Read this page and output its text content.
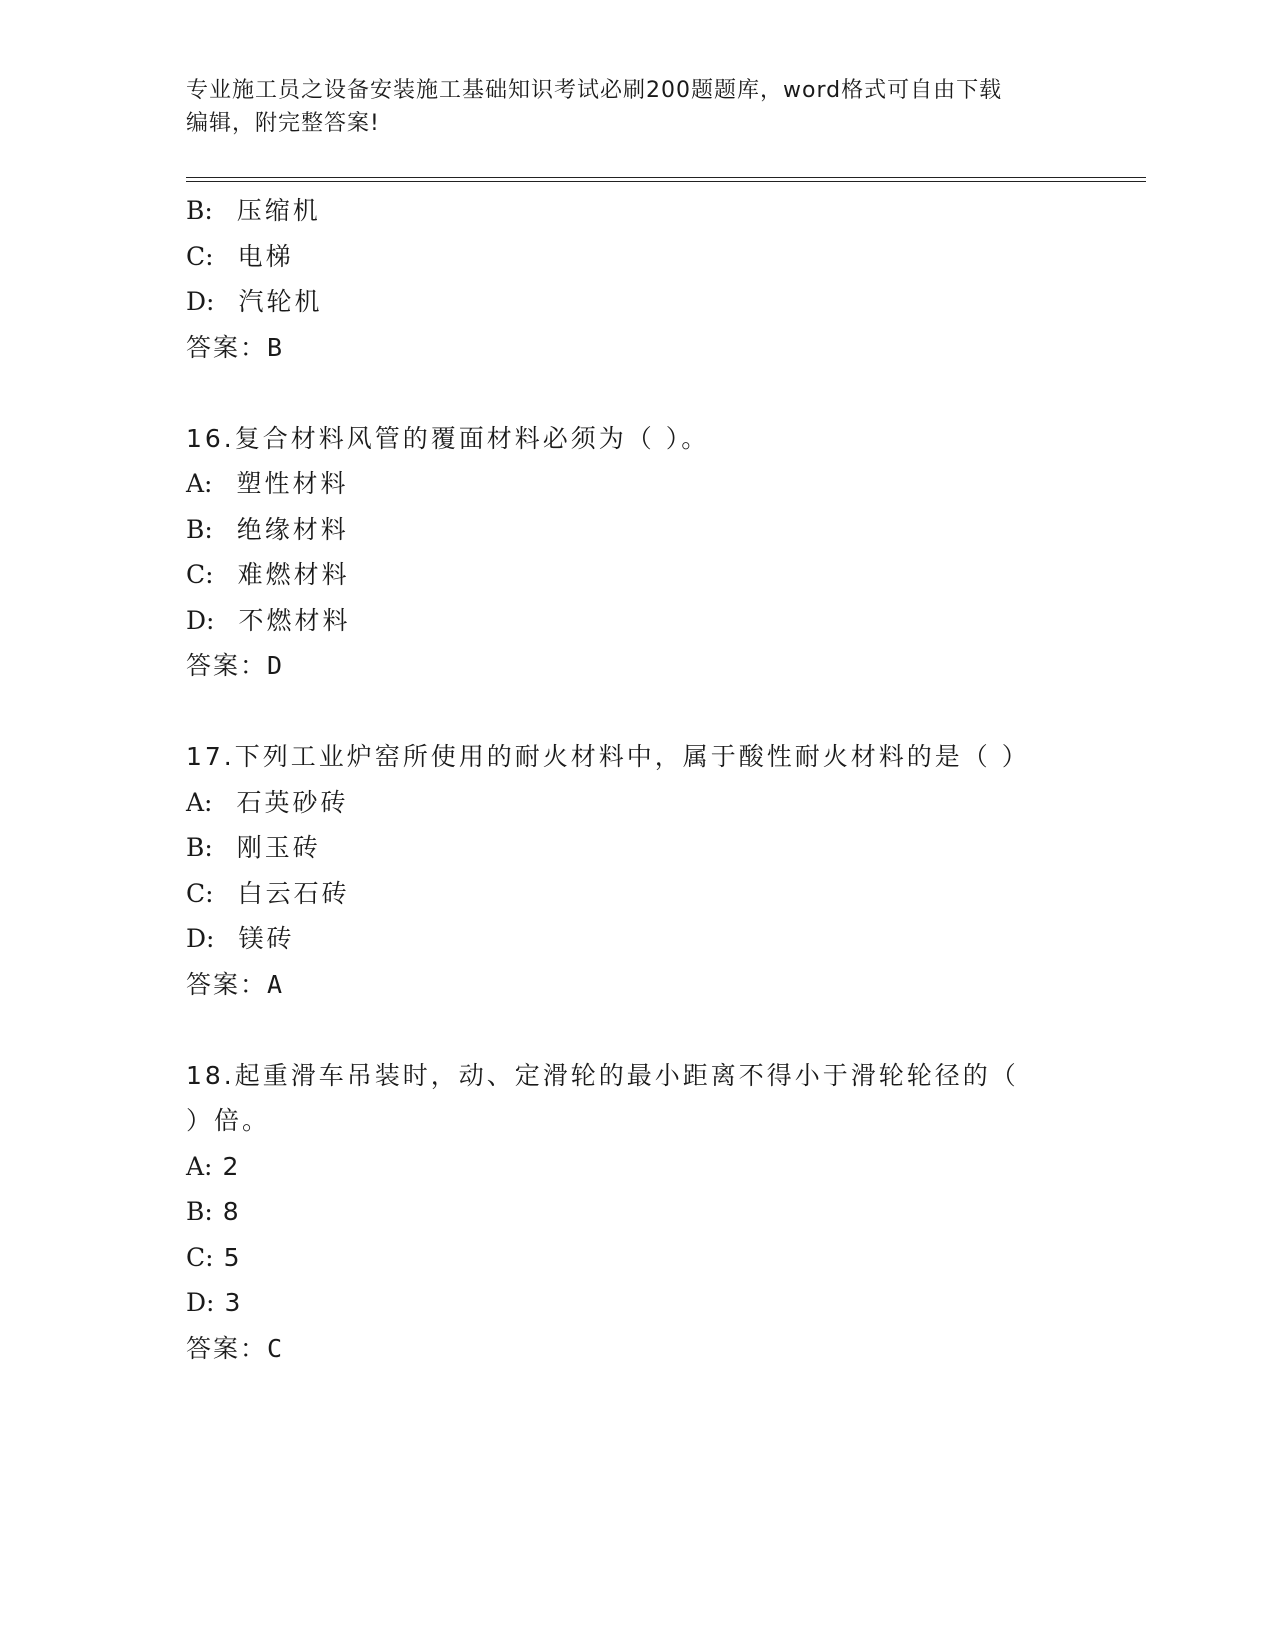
专业施工员之设备安装施工基础知识考试必刷200题题库，word格式可自由下载
编辑，附完整答案!
B: 压缩机
C: 电梯
D: 汽轮机
答案：B
16.复合材料风管的覆面材料必须为（ ）。
A: 塑性材料
B: 绝缘材料
C: 难燃材料
D: 不燃材料
答案：D
17.下列工业炉窑所使用的耐火材料中，属于酸性耐火材料的是（ ）
A: 石英砂砖
B: 刚玉砖
C: 白云石砖
D: 镁砖
答案：A
18.起重滑车吊装时，动、定滑轮的最小距离不得小于滑轮轮径的（
）倍。
A: 2
B: 8
C: 5
D: 3
答案：C
